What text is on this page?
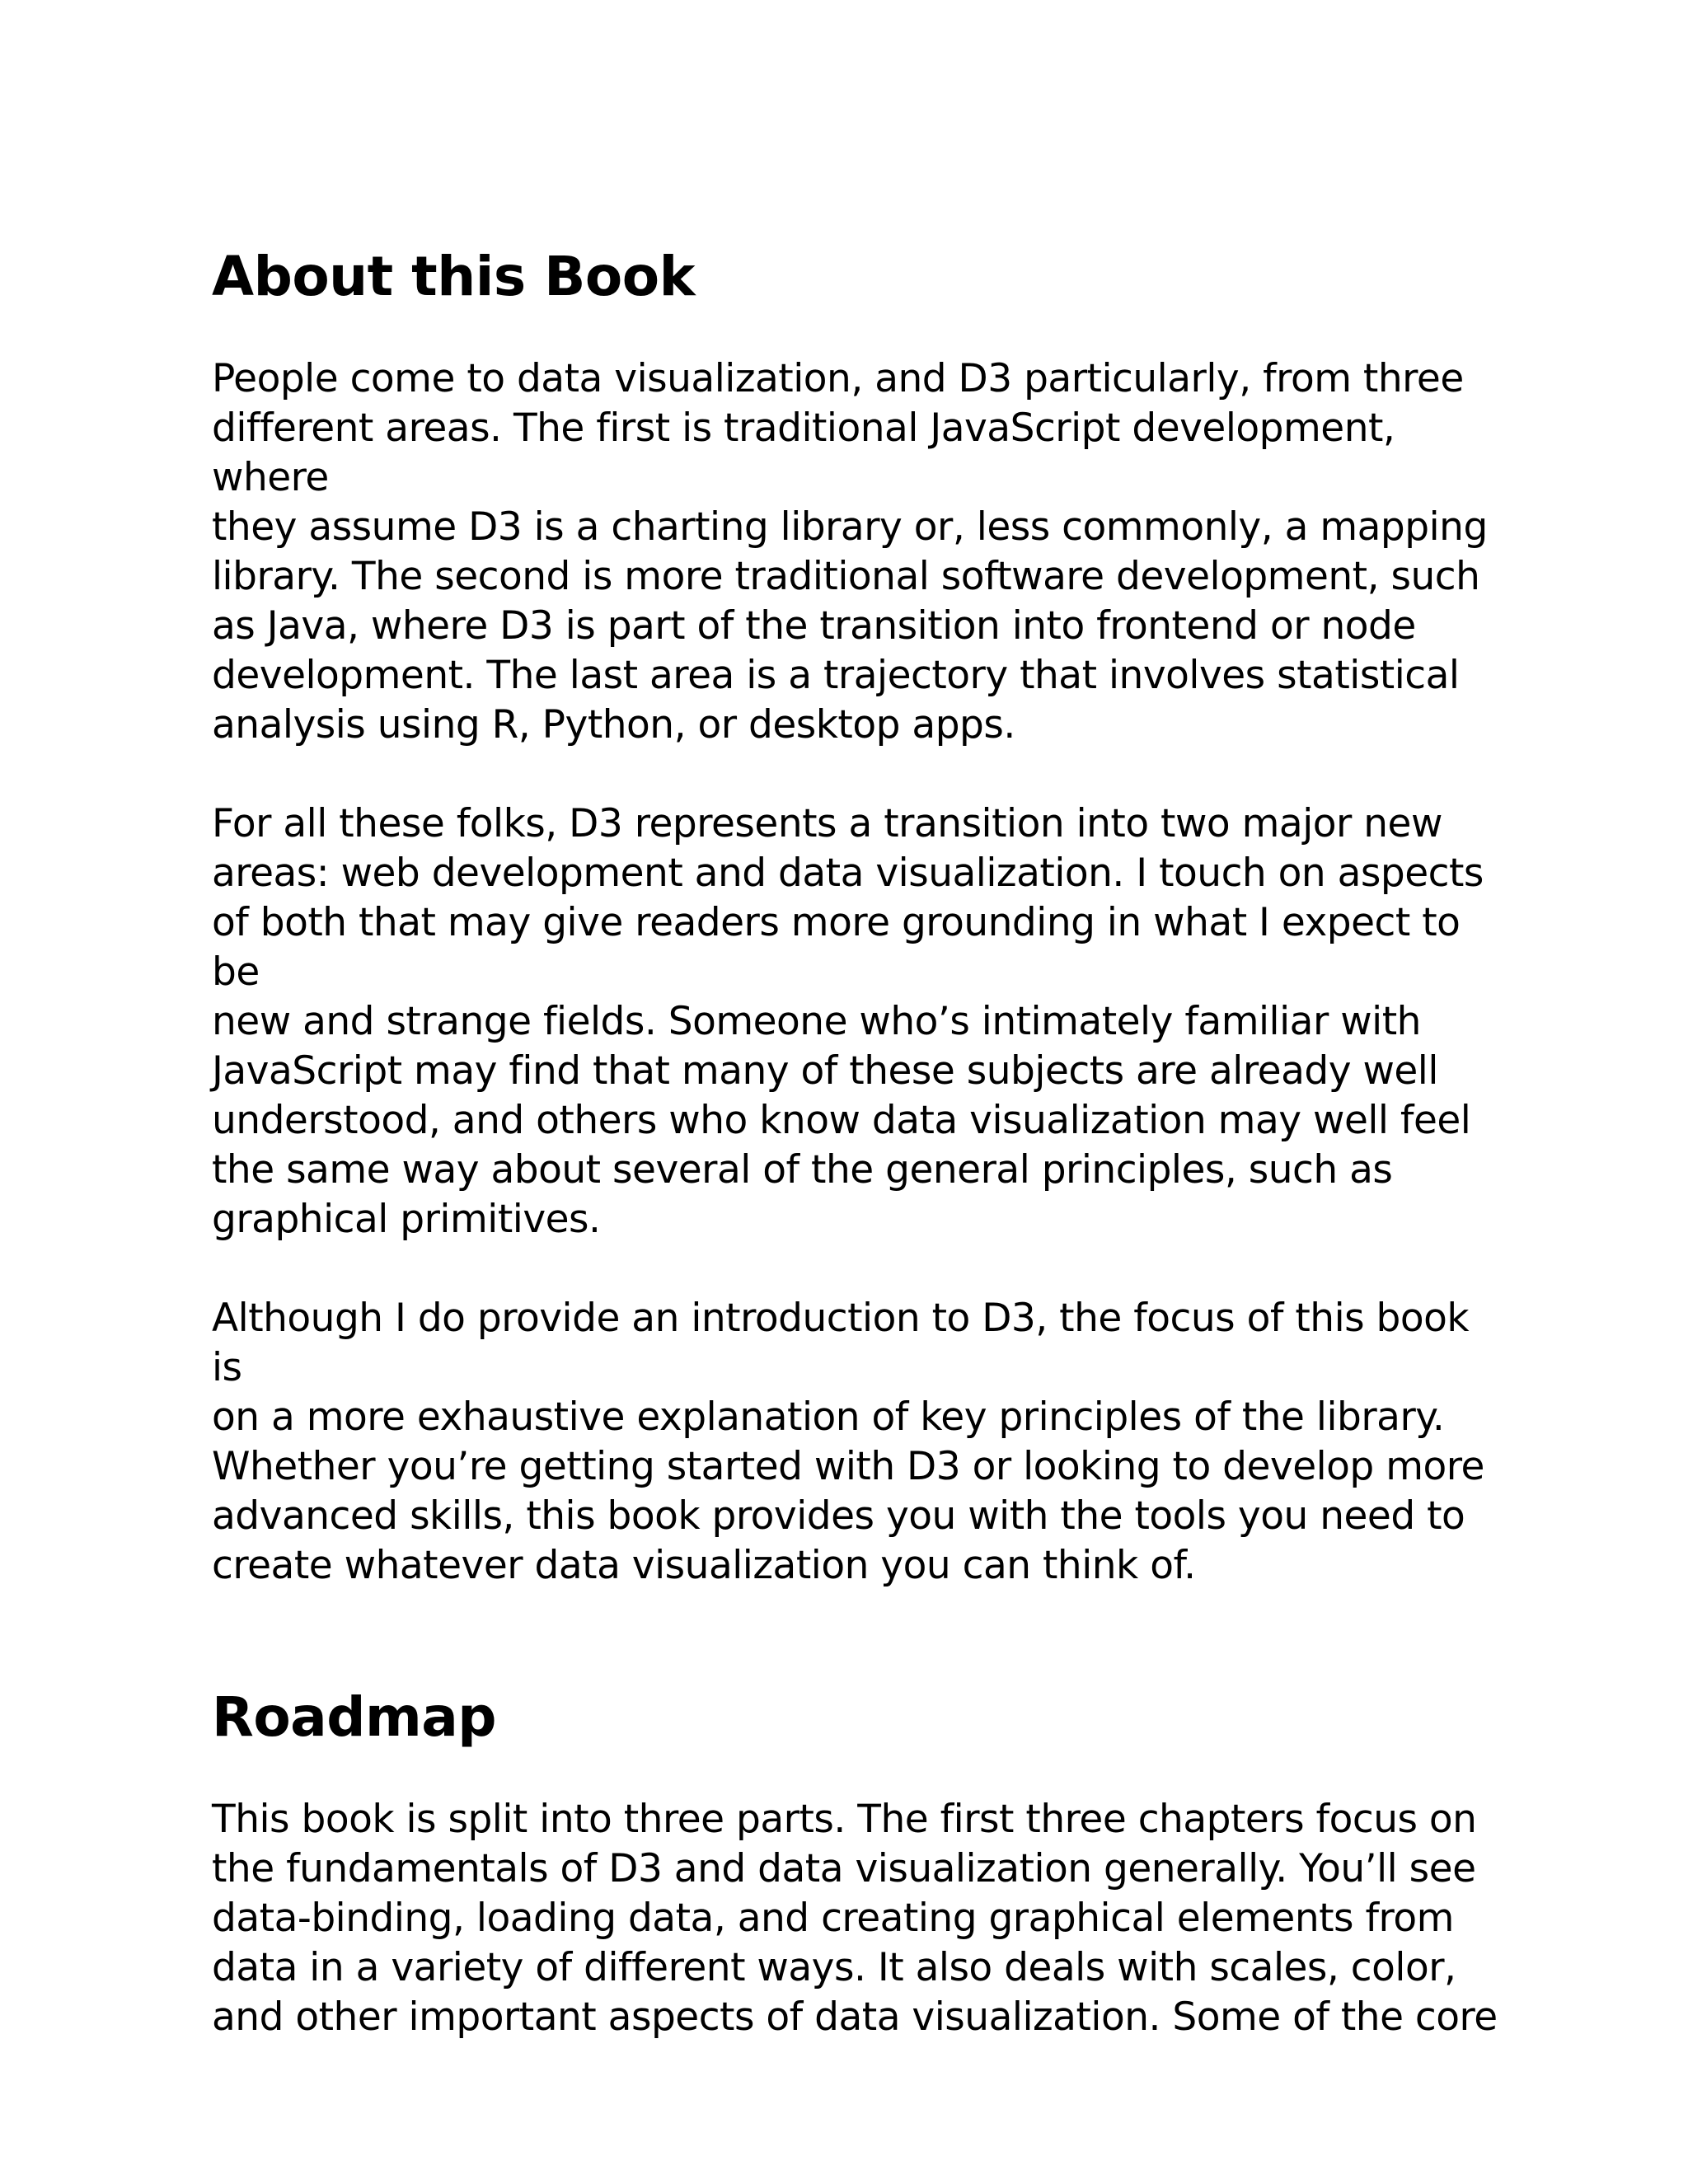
About this Book

People come to data visualization, and D3 particularly, from three
different areas. The first is traditional JavaScript development, where
they assume D3 is a charting library or, less commonly, a mapping
library. The second is more traditional software development, such
as Java, where D3 is part of the transition into frontend or node
development. The last area is a trajectory that involves statistical
analysis using R, Python, or desktop apps.

For all these folks, D3 represents a transition into two major new
areas: web development and data visualization. I touch on aspects
of both that may give readers more grounding in what I expect to be
new and strange fields. Someone who’s intimately familiar with
JavaScript may find that many of these subjects are already well
understood, and others who know data visualization may well feel
the same way about several of the general principles, such as
graphical primitives.

Although I do provide an introduction to D3, the focus of this book is
on a more exhaustive explanation of key principles of the library.
Whether you’re getting started with D3 or looking to develop more
advanced skills, this book provides you with the tools you need to
create whatever data visualization you can think of.

Roadmap

This book is split into three parts. The first three chapters focus on
the fundamentals of D3 and data visualization generally. You’ll see
data-binding, loading data, and creating graphical elements from
data in a variety of different ways. It also deals with scales, color,
and other important aspects of data visualization. Some of the core
